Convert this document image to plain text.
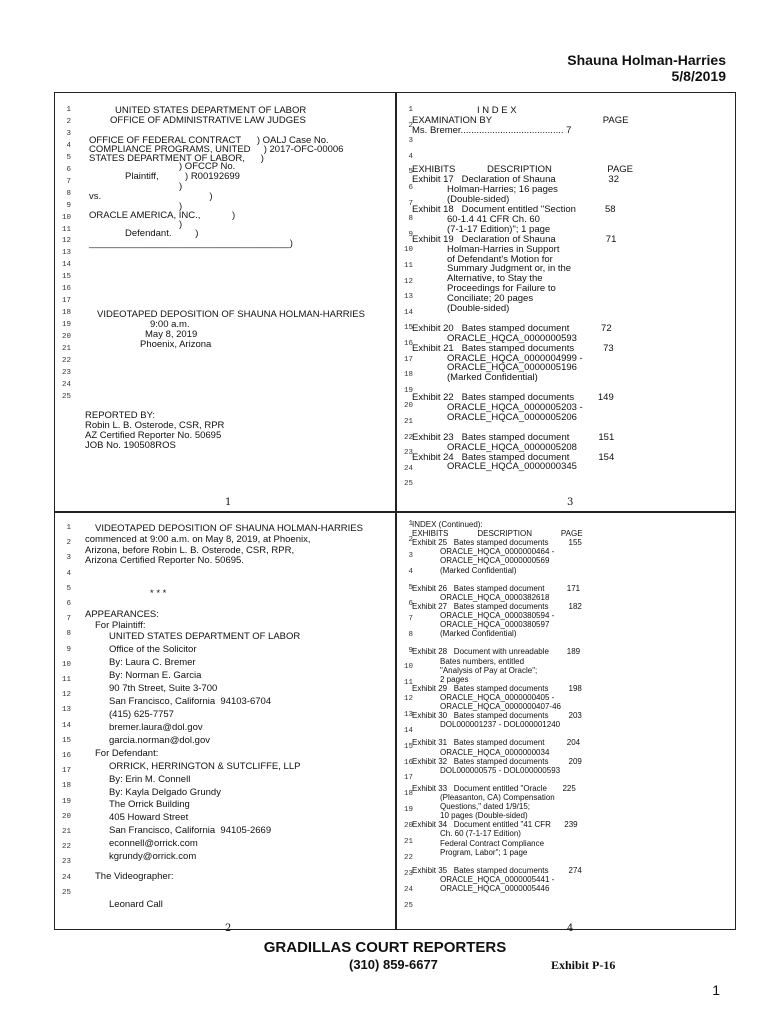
Shauna Holman-Harries
5/8/2019
1
2
3
4
5
6
7
8
9
10
11
12
13
14
15
16
17
18
19
20
21
22
23
24
25
UNITED STATES DEPARTMENT OF LABOR
OFFICE OF ADMINISTRATIVE LAW JUDGES
OFFICE OF FEDERAL CONTRACT      ) OALJ Case No.
COMPLIANCE PROGRAMS, UNITED     ) 2017-OFC-00006
STATES DEPARTMENT OF LABOR,      )
) OFCCP No.
Plaintiff,          ) R00192699
)
vs.                                         )
)
ORACLE AMERICA, INC.,            )
)
Defendant.         )
______________________________________)
VIDEOTAPED DEPOSITION OF SHAUNA HOLMAN-HARRIES
9:00 a.m.
May 8, 2019
Phoenix, Arizona
REPORTED BY:
Robin L. B. Osterode, CSR, RPR
AZ Certified Reporter No. 50695
JOB No. 190508ROS
1
1
2
3
4
5
6
7
8
9
10
11
12
13
14
15
16
17
18
19
20
21
22
23
24
25
I N D E X
EXAMINATION BY                                          PAGE
Ms. Bremer....................................... 7
EXHIBITS            DESCRIPTION                     PAGE
Exhibit 17   Declaration of Shauna                    32
Holman-Harries; 16 pages
(Double-sided)
Exhibit 18   Document entitled "Section           58
60-1.4 41 CFR Ch. 60
(7-1-17 Edition)"; 1 page
Exhibit 19   Declaration of Shauna                   71
Holman-Harries in Support
of Defendant's Motion for
Summary Judgment or, in the
Alternative, to Stay the
Proceedings for Failure to
Conciliate; 20 pages
(Double-sided)
Exhibit 20   Bates stamped document            72
ORACLE_HQCA_0000000593
Exhibit 21   Bates stamped documents           73
ORACLE_HQCA_0000004999 -
ORACLE_HQCA_0000005196
(Marked Confidential)
Exhibit 22   Bates stamped documents         149
ORACLE_HQCA_0000005203 -
ORACLE_HQCA_0000005206
Exhibit 23   Bates stamped document           151
ORACLE_HQCA_0000005208
Exhibit 24   Bates stamped document           154
ORACLE_HQCA_0000000345
3
1
2
3
4
5
6
7
8
9
10
11
12
13
14
15
16
17
18
19
20
21
22
23
24
25
VIDEOTAPED DEPOSITION OF SHAUNA HOLMAN-HARRIES
commenced at 9:00 a.m. on May 8, 2019, at Phoenix,
Arizona, before Robin L. B. Osterode, CSR, RPR,
Arizona Certified Reporter No. 50695.
* * *
APPEARANCES:
For Plaintiff:
UNITED STATES DEPARTMENT OF LABOR
Office of the Solicitor
By: Laura C. Bremer
By: Norman E. Garcia
90 7th Street, Suite 3-700
San Francisco, California  94103-6704
(415) 625-7757
bremer.laura@dol.gov
garcia.norman@dol.gov
For Defendant:
ORRICK, HERRINGTON & SUTCLIFFE, LLP
By: Erin M. Connell
By: Kayla Delgado Grundy
The Orrick Building
405 Howard Street
San Francisco, California  94105-2669
econnell@orrick.com
kgrundy@orrick.com
The Videographer:
Leonard Call
2
1
2
3
4
5
6
7
8
9
10
11
12
13
14
15
16
17
18
19
20
21
22
23
24
25
INDEX (Continued):
EXHIBITS             DESCRIPTION             PAGE
Exhibit 25   Bates stamped documents         155
ORACLE_HQCA_0000000464 -
ORACLE_HQCA_0000000569
(Marked Confidential)
Exhibit 26   Bates stamped document          171
ORACLE_HQCA_0000382618
Exhibit 27   Bates stamped documents         182
ORACLE_HQCA_0000380594 -
ORACLE_HQCA_0000380597
(Marked Confidential)
Exhibit 28   Document with unreadable        189
Bates numbers, entitled
"Analysis of Pay at Oracle";
2 pages
Exhibit 29   Bates stamped documents         198
ORACLE_HQCA_0000000405 -
ORACLE_HQCA_0000000407-46
Exhibit 30   Bates stamped documents         203
DOL000001237 - DOL000001240
Exhibit 31   Bates stamped document          204
ORACLE_HQCA_0000000034
Exhibit 32   Bates stamped documents         209
DOL000000575 - DOL000000593
Exhibit 33   Document entitled "Oracle       225
(Pleasanton, CA) Compensation
Questions," dated 1/9/15;
10 pages (Double-sided)
Exhibit 34   Document entitled "41 CFR      239
Ch. 60 (7-1-17 Edition)
Federal Contract Compliance
Program, Labor"; 1 page
Exhibit 35   Bates stamped documents         274
ORACLE_HQCA_0000005441 -
ORACLE_HQCA_0000005446
4
GRADILLAS COURT REPORTERS
(310) 859-6677	Exhibit P-16
1
